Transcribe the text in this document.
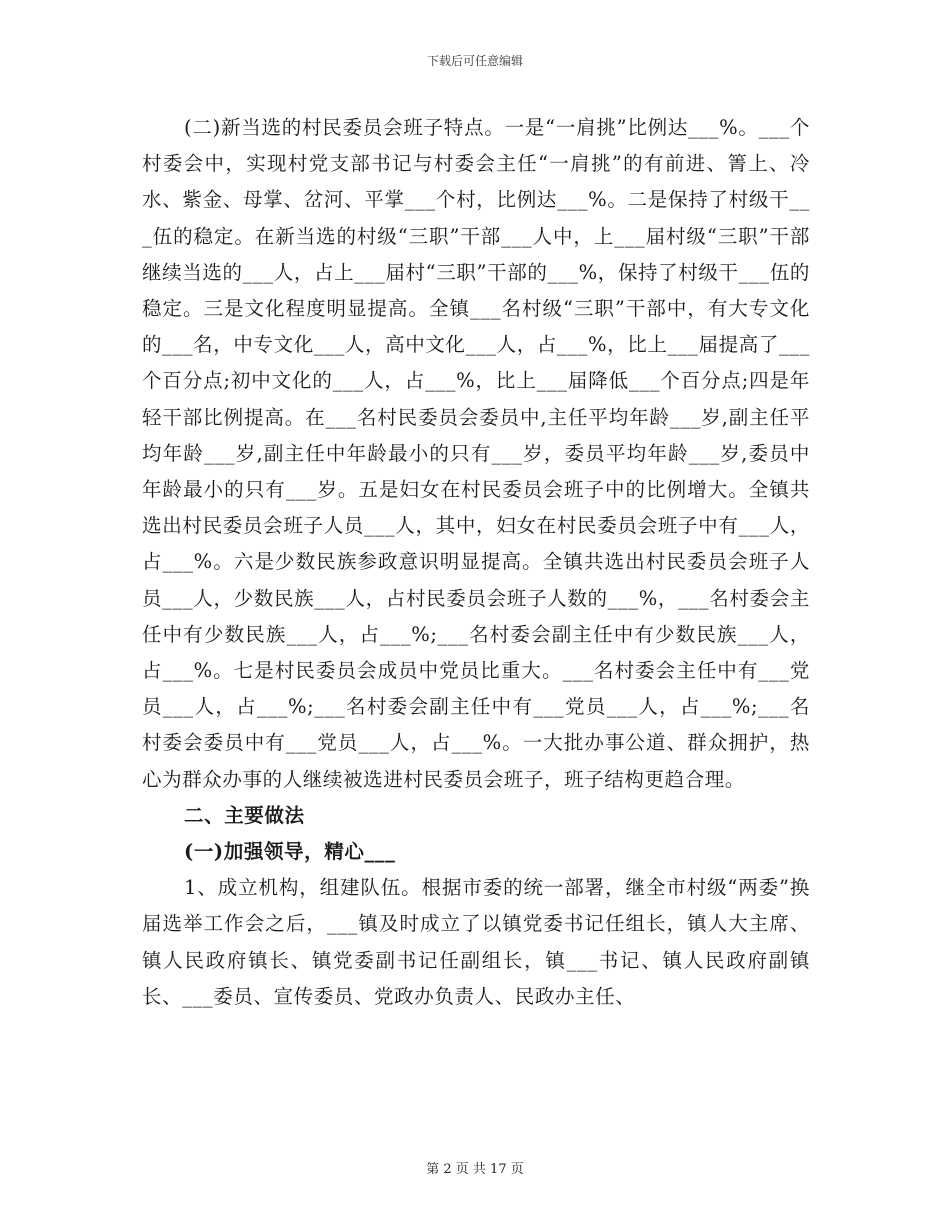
下载后可任意编辑

(二)新当选的村民委员会班子特点。一是“一肩挑”比例达___%。___个村委会中，实现村党支部书记与村委会主任“一肩挑”的有前进、箐上、冷水、紫金、母掌、岔河、平掌___个村，比例达___%。二是保持了村级干___伍的稳定。在新当选的村级“三职”干部___人中，上___届村级“三职”干部继续当选的___人，占上___届村“三职”干部的___%，保持了村级干___伍的稳定。三是文化程度明显提高。全镇___名村级“三职”干部中，有大专文化的___名，中专文化___人，高中文化___人，占___%，比上___届提高了___个百分点;初中文化的___人，占___%，比上___届降低___个百分点;四是年轻干部比例提高。在___名村民委员会委员中,主任平均年龄___岁,副主任平均年龄___岁,副主任中年龄最小的只有___岁，委员平均年龄___岁,委员中年龄最小的只有___岁。五是妇女在村民委员会班子中的比例增大。全镇共选出村民委员会班子人员___人，其中，妇女在村民委员会班子中有___人，占___%。六是少数民族参政意识明显提高。全镇共选出村民委员会班子人员___人，少数民族___人，占村民委员会班子人数的___%，___名村委会主任中有少数民族___人，占___%;___名村委会副主任中有少数民族___人，占___%。七是村民委员会成员中党员比重大。___名村委会主任中有___党员___人，占___%;___名村委会副主任中有___党员___人，占___%;___名村委会委员中有___党员___人，占___%。一大批办事公道、群众拥护，热心为群众办事的人继续被选进村民委员会班子，班子结构更趋合理。

二、主要做法

(一)加强领导，精心___

1、成立机构，组建队伍。根据市委的统一部署，继全市村级“两委”换届选举工作会之后，___镇及时成立了以镇党委书记任组长，镇人大主席、镇人民政府镇长、镇党委副书记任副组长，镇___书记、镇人民政府副镇长、___委员、宣传委员、党政办负责人、民政办主任、

第 2 页 共 17 页
